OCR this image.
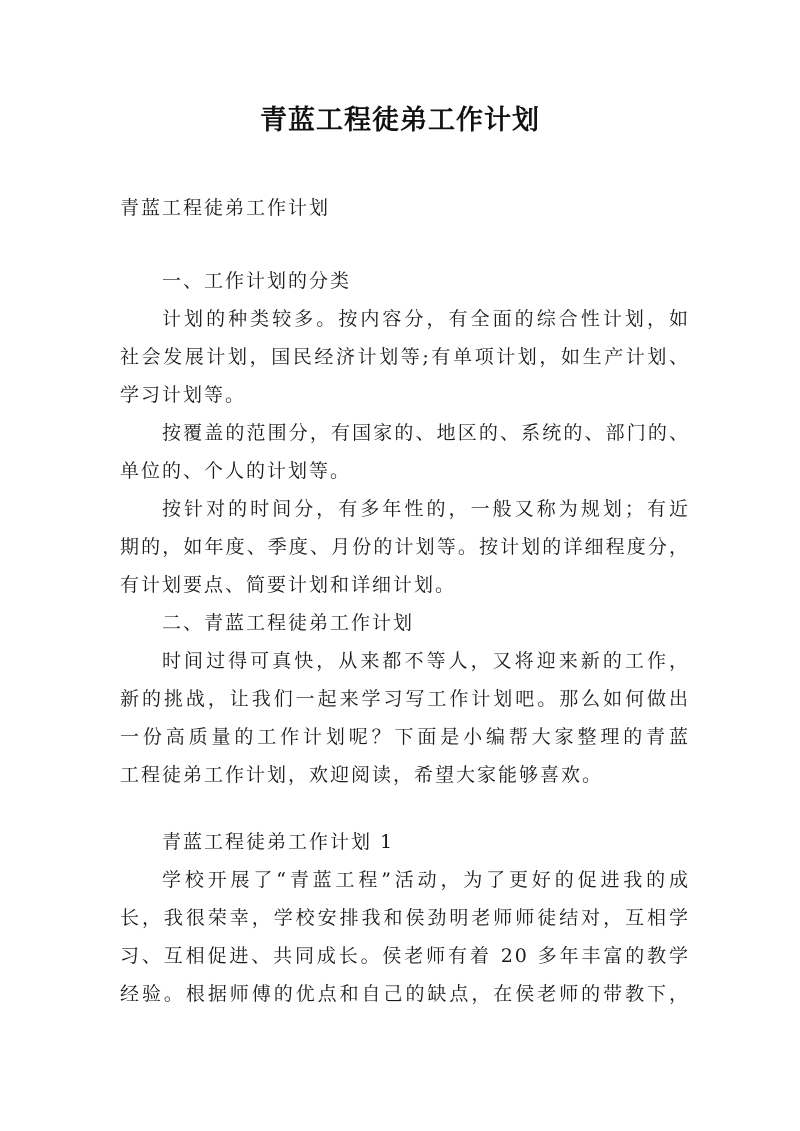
青蓝工程徒弟工作计划
青蓝工程徒弟工作计划
一、工作计划的分类
计划的种类较多。按内容分，有全面的综合性计划，如
社会发展计划，国民经济计划等;有单项计划，如生产计划、
学习计划等。
按覆盖的范围分，有国家的、地区的、系统的、部门的、
单位的、个人的计划等。
按针对的时间分，有多年性的，一般又称为规划；有近
期的，如年度、季度、月份的计划等。按计划的详细程度分，
有计划要点、简要计划和详细计划。
二、青蓝工程徒弟工作计划
时间过得可真快，从来都不等人，又将迎来新的工作，
新的挑战，让我们一起来学习写工作计划吧。那么如何做出
一份高质量的工作计划呢？下面是小编帮大家整理的青蓝
工程徒弟工作计划，欢迎阅读，希望大家能够喜欢。
青蓝工程徒弟工作计划 1
学校开展了“青蓝工程”活动，为了更好的促进我的成
长，我很荣幸，学校安排我和侯劲明老师师徒结对，互相学
习、互相促进、共同成长。侯老师有着 20 多年丰富的教学
经验。根据师傅的优点和自己的缺点，在侯老师的带教下，
